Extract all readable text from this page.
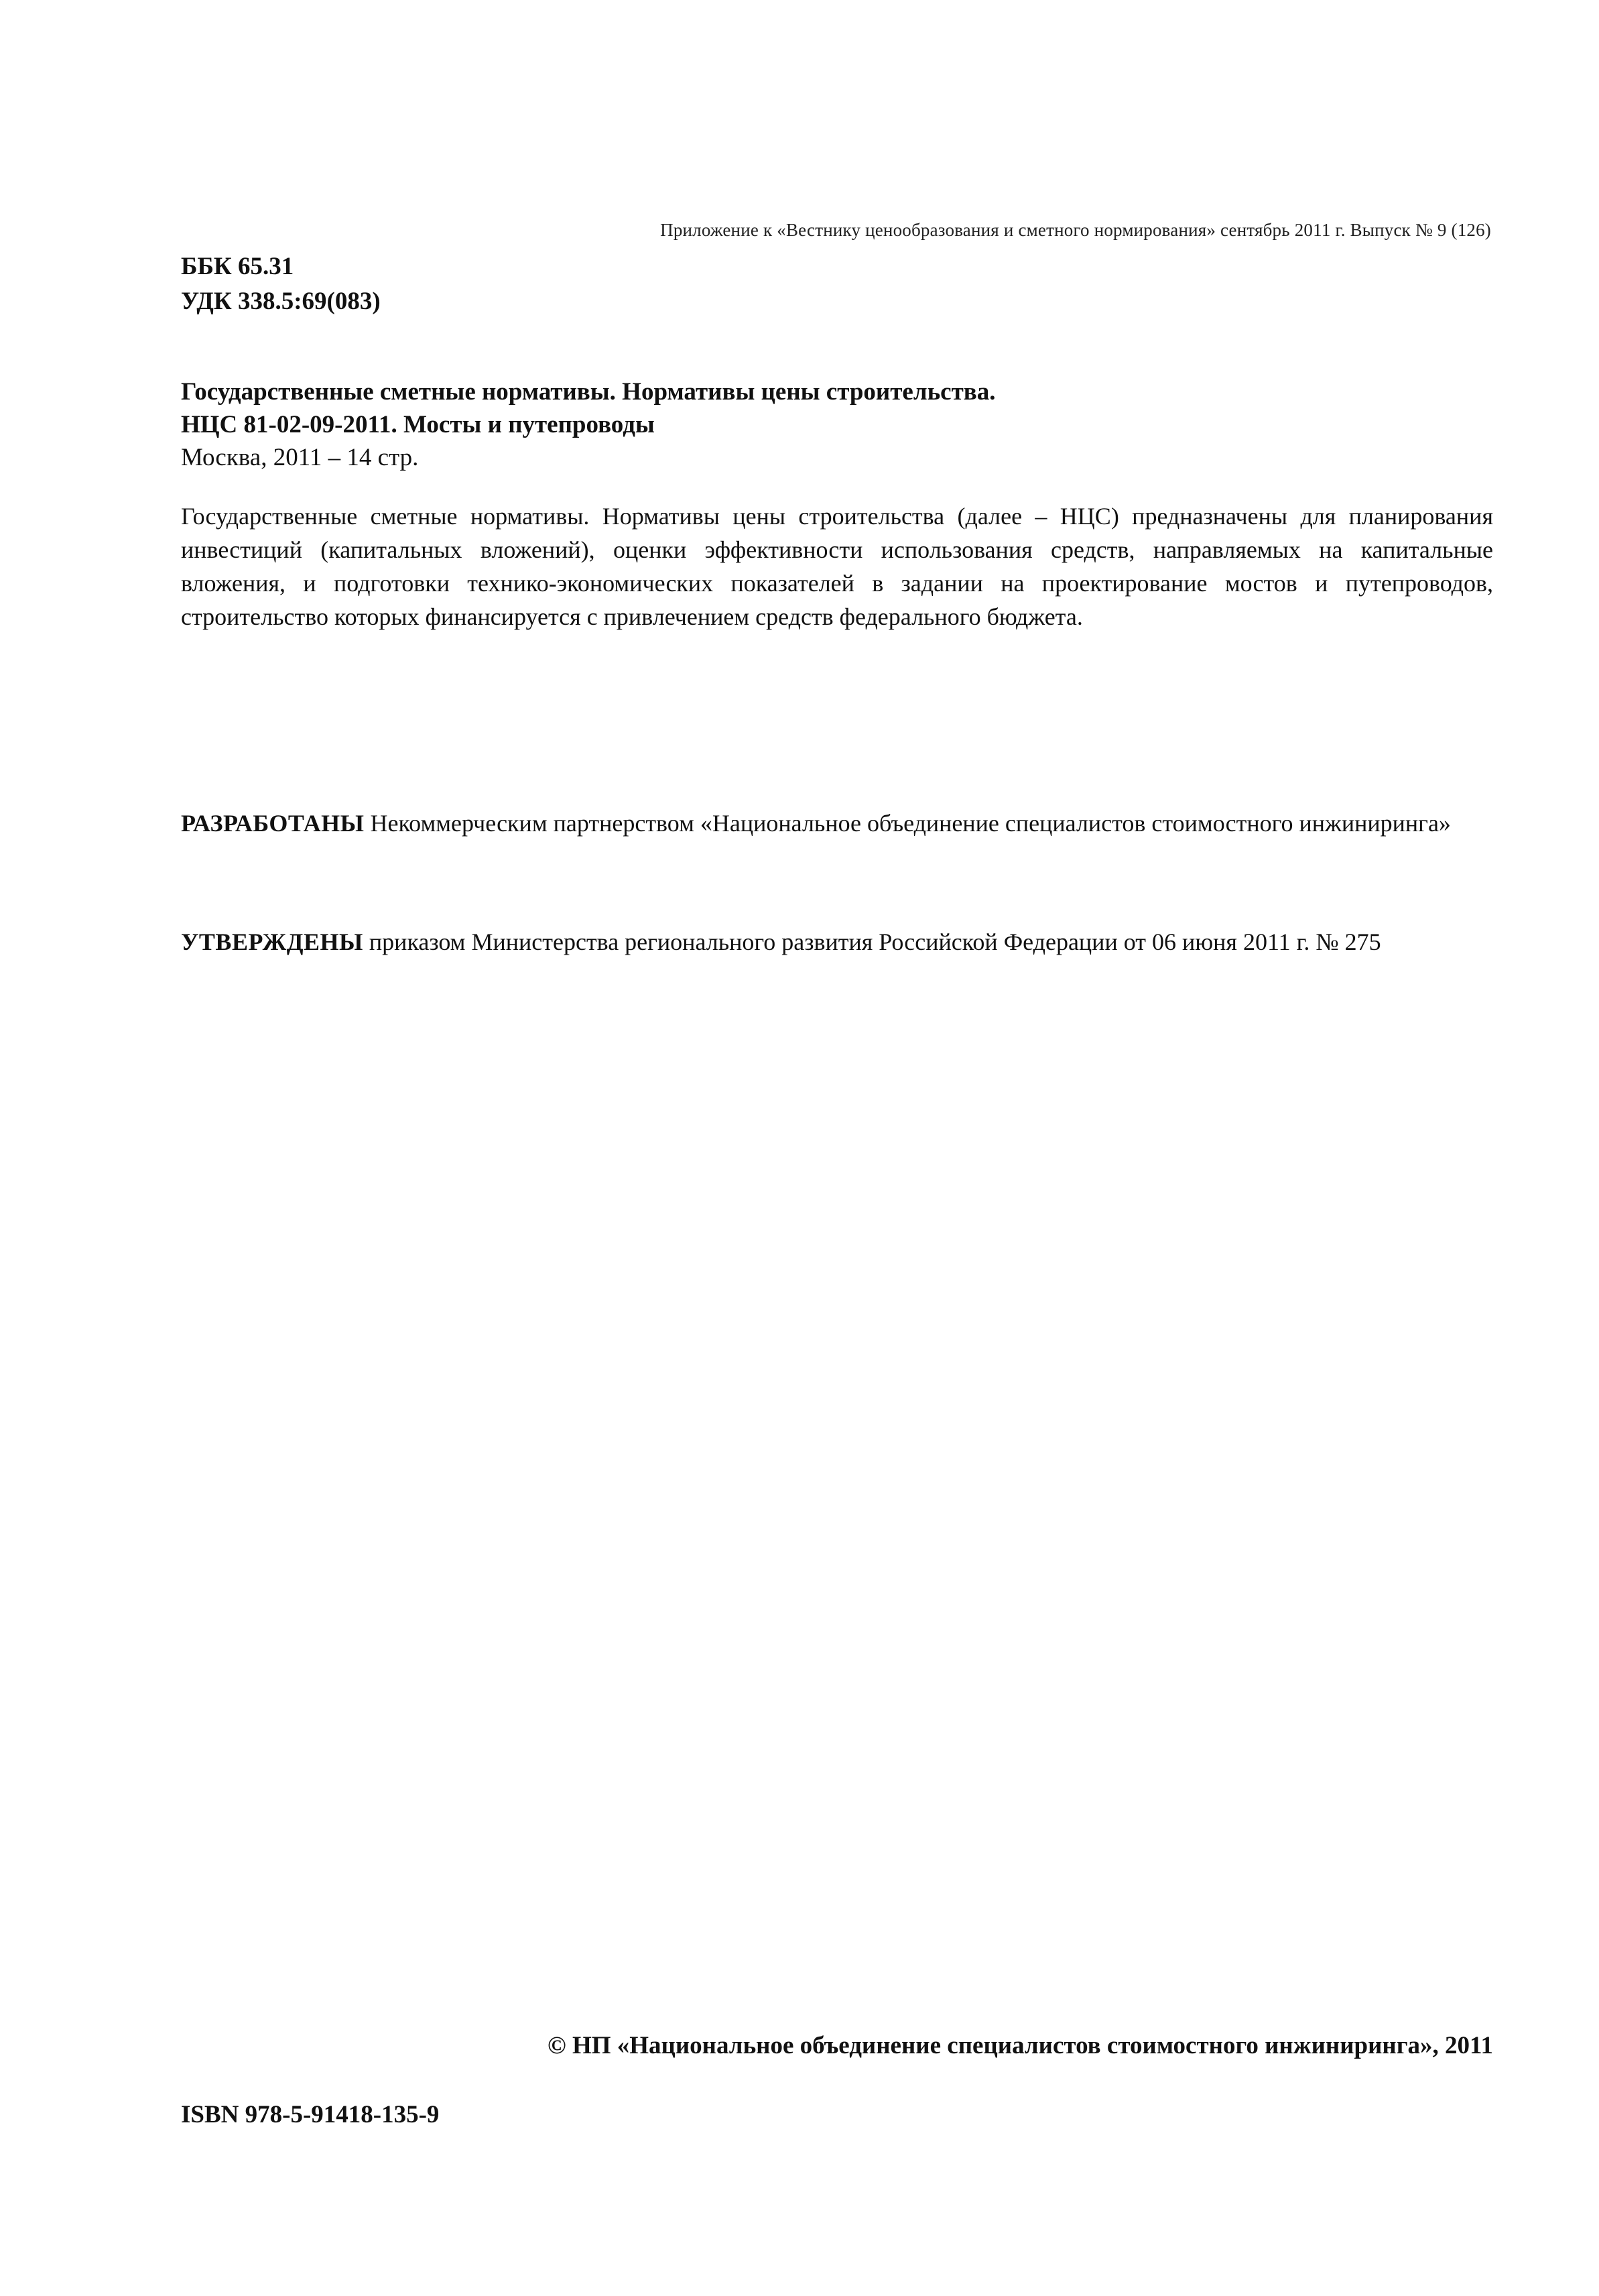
Приложение к «Вестнику ценообразования и сметного нормирования» сентябрь 2011 г. Выпуск № 9 (126)
ББК 65.31
УДК 338.5:69(083)
Государственные сметные нормативы. Нормативы цены строительства.
НЦС 81-02-09-2011. Мосты и путепроводы
Москва, 2011 – 14 стр.
Государственные сметные нормативы. Нормативы цены строительства (далее – НЦС) предназначены для планирования инвестиций (капитальных вложений), оценки эффективности использования средств, направляемых на капитальные вложения, и подготовки технико-экономических показателей в задании на проектирование мостов и путепроводов, строительство которых финансируется с привлечением средств федерального бюджета.
РАЗРАБОТАНЫ Некоммерческим партнерством «Национальное объединение специалистов стоимостного инжиниринга»
УТВЕРЖДЕНЫ приказом Министерства регионального развития Российской Федерации от 06 июня 2011 г. № 275
© НП «Национальное объединение специалистов стоимостного инжиниринга», 2011
ISBN 978-5-91418-135-9
